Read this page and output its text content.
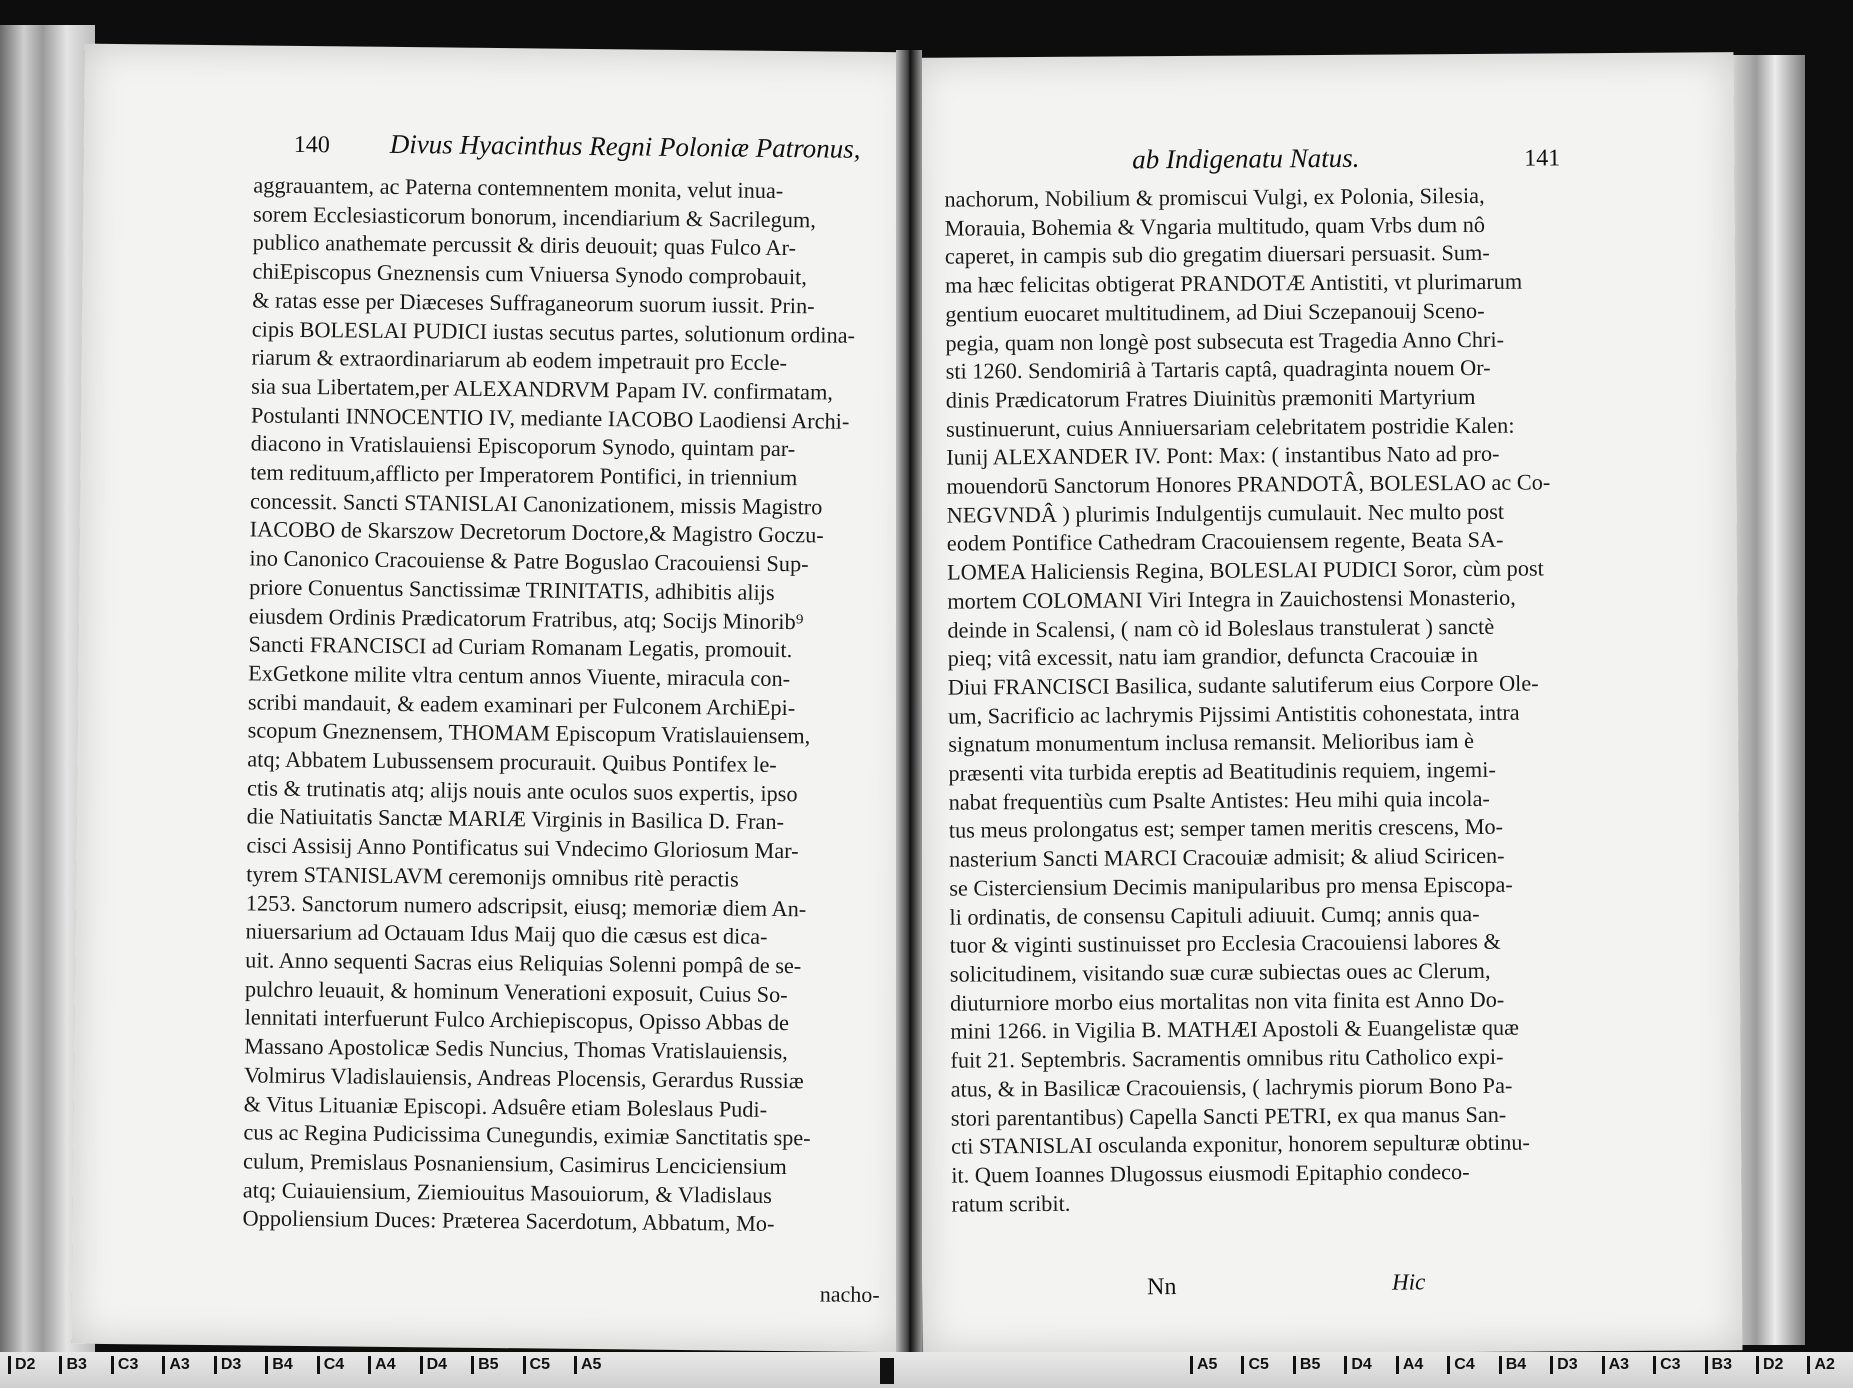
140 Divus Hyacinthus Regni Poloniæ Patronus,
aggrauantem, ac Paterna contemnentem monita, velut inua-
sorem Ecclesiasticorum bonorum, incendiarium & Sacrilegum,
publico anathemate percussit & diris deuouit; quas Fulco Ar-
chiEpiscopus Gneznensis cum Vniuersa Synodo comprobauit,
& ratas esse per Diæceses Suffraganeorum suorum iussit. Prin-
cipis BOLESLAI PUDICI iustas secutus partes, solutionum ordina-
riarum & extraordinariarum ab eodem impetrauit pro Eccle-
sia sua Libertatem,per ALEXANDRVM Papam IV. confirmatam,
Postulanti INNOCENTIO IV, mediante IACOBO Laodiensi Archi-
diacono in Vratislauiensi Episcoporum Synodo, quintam par-
tem redituum,afflicto per Imperatorem Pontifici, in triennium
concessit. Sancti STANISLAI Canonizationem, missis Magistro
IACOBO de Skarszow Decretorum Doctore,& Magistro Goczu-
ino Canonico Cracouiense & Patre Boguslao Cracouiensi Sup-
priore Conuentus Sanctissimæ TRINITATIS, adhibitis alijs
eiusdem Ordinis Prædicatorum Fratribus, atq; Socijs Minorib⁹
Sancti FRANCISCI ad Curiam Romanam Legatis, promouit.
ExGetkone milite vltra centum annos Viuente, miracula con-
scribi mandauit, & eadem examinari per Fulconem ArchiEpi-
scopum Gneznensem, THOMAM Episcopum Vratislauiensem,
atq; Abbatem Lubussensem procurauit. Quibus Pontifex le-
ctis & trutinatis atq; alijs nouis ante oculos suos expertis, ipso
die Natiuitatis Sanctæ MARIÆ Virginis in Basilica D. Fran-
cisci Assisij Anno Pontificatus sui Vndecimo Gloriosum Mar-
tyrem STANISLAVM ceremonijs omnibus ritè peractis
1253. Sanctorum numero adscripsit, eiusq; memoriæ diem An-
niuersarium ad Octauam Idus Maij quo die cæsus est dica-
uit. Anno sequenti Sacras eius Reliquias Solenni pompâ de se-
pulchro leuauit, & hominum Venerationi exposuit, Cuius So-
lennitati interfuerunt Fulco Archiepiscopus, Opisso Abbas de
Massano Apostolicæ Sedis Nuncius, Thomas Vratislauiensis,
Volmirus Vladislauiensis, Andreas Plocensis, Gerardus Russiæ
& Vitus Lituaniæ Episcopi. Adsuêre etiam Boleslaus Pudi-
cus ac Regina Pudicissima Cunegundis, eximiæ Sanctitatis spe-
culum, Premislaus Posnaniensium, Casimirus Lenciciensium
atq; Cuiauiensium, Ziemiouitus Masouiorum, & Vladislaus
Oppoliensium Duces: Præterea Sacerdotum, Abbatum, Mo-
nacho-
ab Indigenatu Natus.	141
nachorum, Nobilium & promiscui Vulgi, ex Polonia, Silesia,
Morauia, Bohemia & Vngaria multitudo, quam Vrbs dum nô
caperet, in campis sub dio gregatim diuersari persuasit. Sum-
ma hæc felicitas obtigerat PRANDOTÆ Antistiti, vt plurimarum
gentium euocaret multitudinem, ad Diui Sczepanouij Sceno-
pegia, quam non longè post subsecuta est Tragedia Anno Chri-
sti 1260. Sendomiriâ à Tartaris captâ, quadraginta nouem Or-
dinis Prædicatorum Fratres Diuinitùs præmoniti Martyrium
sustinuerunt, cuius Anniuersariam celebritatem postridie Kalen:
Iunij ALEXANDER IV. Pont: Max: ( instantibus Nato ad pro-
mouendorū Sanctorum Honores PRANDOTÂ, BOLESLAO ac Co-
NEGVNDÂ ) plurimis Indulgentijs cumulauit. Nec multo post
eodem Pontifice Cathedram Cracouiensem regente, Beata SA-
LOMEA Haliciensis Regina, BOLESLAI PUDICI Soror, cùm post
mortem COLOMANI Viri Integra in Zauichostensi Monasterio,
deinde in Scalensi, ( nam cò id Boleslaus transtulerat ) sanctè
pieq; vitâ excessit, natu iam grandior, defuncta Cracouiæ in
Diui FRANCISCI Basilica, sudante salutiferum eius Corpore Ole-
um, Sacrificio ac lachrymis Pijssimi Antistitis cohonestata, intra
signatum monumentum inclusa remansit. Melioribus iam è
præsenti vita turbida ereptis ad Beatitudinis requiem, ingemi-
nabat frequentiùs cum Psalte Antistes: Heu mihi quia incola-
tus meus prolongatus est; semper tamen meritis crescens, Mo-
nasterium Sancti MARCI Cracouiæ admisit; & aliud Sciricen-
se Cisterciensium Decimis manipularibus pro mensa Episcopa-
li ordinatis, de consensu Capituli adiuuit. Cumq; annis qua-
tuor & viginti sustinuisset pro Ecclesia Cracouiensi labores &
solicitudinem, visitando suæ curæ subiectas oues ac Clerum,
diuturniore morbo eius mortalitas non vita finita est Anno Do-
mini 1266. in Vigilia B. MATHÆI Apostoli & Euangelistæ quæ
fuit 21. Septembris. Sacramentis omnibus ritu Catholico expi-
atus, & in Basilicæ Cracouiensis, ( lachrymis piorum Bono Pa-
stori parentantibus) Capella Sancti PETRI, ex qua manus San-
cti STANISLAI osculanda exponitur, honorem sepulturæ obtinu-
it. Quem Ioannes Dlugossus eiusmodi Epitaphio condeco-
ratum scribit.
Nn	Hic
D2 B3 C3 A3 D3 B4 C4 A4 D4 B5 C5 A5	A5 C5 B5 D4 A4 C4 B4 D3 A3 C3 B3 D2 A2
